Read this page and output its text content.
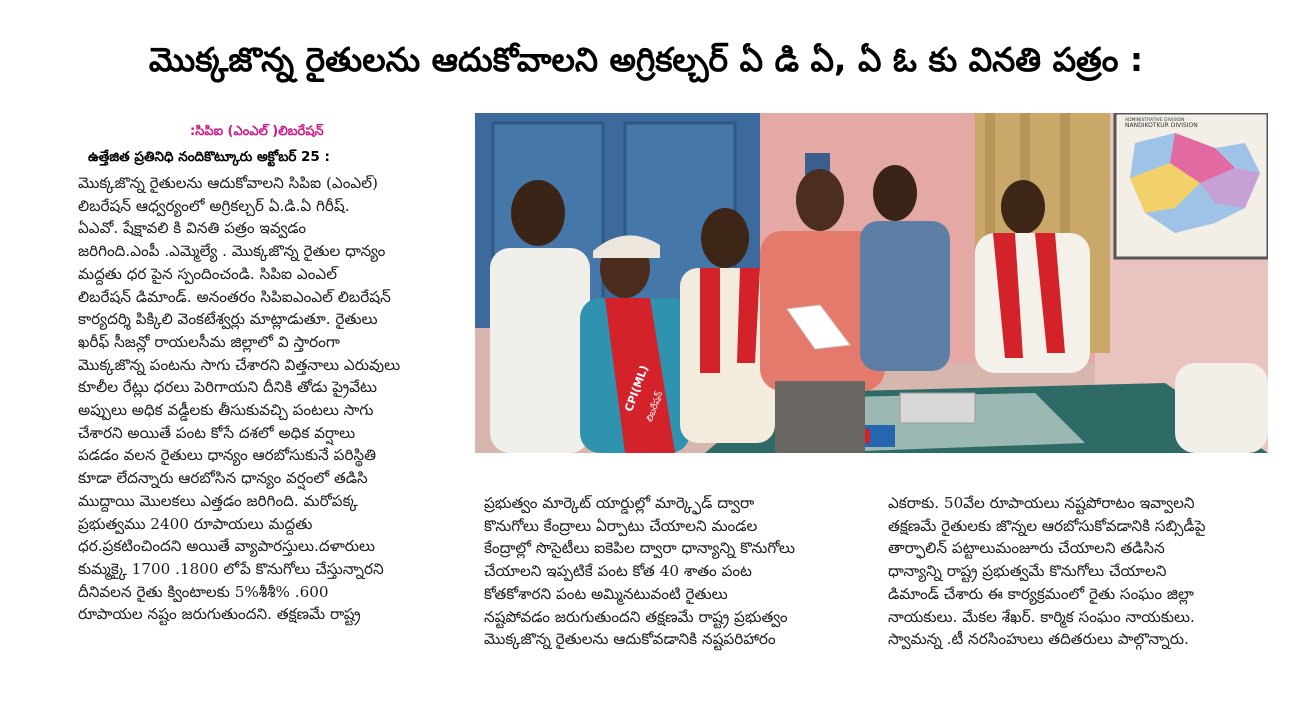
మొక్కజొన్న రైతులను ఆదుకోవాలని అగ్రికల్చర్ ఏ డి ఏ, ఏ ఓ కు వినతి పత్రం :
:సిపిఐ (ఎంఎల్ )లిబరేషన్
ఉత్తేజిత ప్రతినిధి నందికొట్కూరు అక్టోబర్ 25 :

మొక్కజొన్న రైతులను ఆదుకోవాలని సిపిఐ (ఎంఎల్)

లిబరేషన్ ఆధ్వర్యంలో అగ్రికల్చర్ ఏ.డి.ఏ గిరీష్.

ఏఎవో. షేక్షావలి కి వినతి పత్రం ఇవ్వడం

జరిగింది.ఎంపీ .ఎమ్మెల్యే . మొక్కజొన్న రైతుల ధాన్యం

మద్దతు ధర పైన స్పందించండి. సిపిఐ ఎంఎల్

లిబరేషన్ డిమాండ్. అనంతరం సిపిఐఎంఎల్ లిబరేషన్

కార్యదర్శి పిక్కిలి వెంకటేశ్వర్లు మాట్లాడుతూ. రైతులు

ఖరీఫ్ సీజన్లో రాయలసీమ జిల్లాలో వి స్తారంగా

మొక్కజొన్న పంటను సాగు చేశారని విత్తనాలు ఎరువులు

కూలీల రేట్లు ధరలు పెరిగాయని దీనికి తోడు ప్రైవేటు

అప్పులు అధిక వడ్డీలకు తీసుకువచ్చి పంటలు సాగు

చేశారని అయితే పంట కోసే దశలో అధిక వర్షాలు

పడడం వలన రైతులు ధాన్యం ఆరబోసుకునే పరిస్థితి

కూడా లేదన్నారు ఆరబోసిన ధాన్యం వర్షంలో తడిసి

ముద్దాయి మొలకలు ఎత్తడం జరిగింది. మరోపక్క

ప్రభుత్వము 2400 రూపాయలు మద్దతు

ధర.ప్రకటించిందని అయితే వ్యాపారస్తులు.దళారులు

కుమ్మక్కై 1700 .1800 లోపే కొనుగోలు చేస్తున్నారని

దీనివలన రైతు క్వింటాలకు 5%శీశీ% .600

రూపాయల నష్టం జరుగుతుందని. తక్షణమే రాష్ట్ర

NANDIKOTKUR DIVISION
ADMINISTRATIVE DIVISION
CPI(ML)
లిబరేషన్

ప్రభుత్వం మార్కెట్ యార్డుల్లో మార్క్ఫెడ్ ద్వారా

కొనుగోలు కేంద్రాలు ఏర్పాటు చేయాలని మండల

కేంద్రాల్లో సొసైటీలు ఐకెపిల ద్వారా ధాన్యాన్ని కొనుగోలు

చేయాలని ఇప్పటికే పంట కోత 40 శాతం పంట

కోతకోశారని పంట అమ్మినటువంటి రైతులు

నష్టపోవడం జరుగుతుందని తక్షణమే రాష్ట్ర ప్రభుత్వం

మొక్కజొన్న రైతులను ఆదుకోవడానికి నష్టపరిహారం

ఎకరాకు. 50వేల రూపాయలు నష్టపోరాటం ఇవ్వాలని

తక్షణమే రైతులకు జొన్నల ఆరబోసుకోవడానికి సబ్సిడీపై

తార్ఫాలిన్ పట్టాలుమంజూరు చేయాలని తడిసిన

ధాన్యాన్ని రాష్ట్ర ప్రభుత్వమే కొనుగోలు చేయాలని

డిమాండ్ చేశారు ఈ కార్యక్రమంలో రైతు సంఘం జిల్లా

నాయకులు. మేకల శేఖర్. కార్మిక సంఘం నాయకులు.

స్వామన్న .టీ నరసింహులు తదితరులు పాల్గొన్నారు.
